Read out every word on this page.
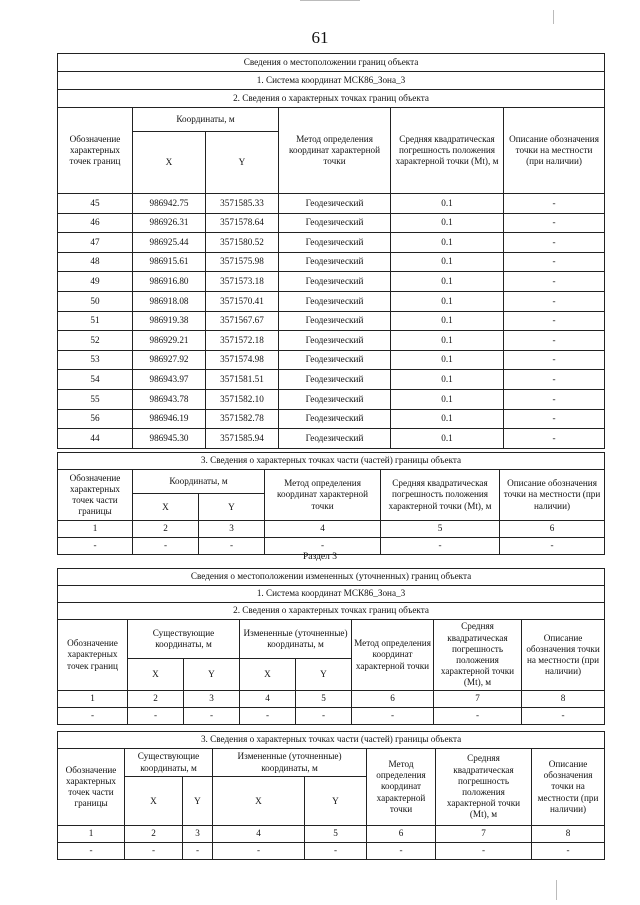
61
Сведения о местоположении границ объекта					
1. Система координат МСК86_Зона_3					
2. Сведения о характерных точках границ объекта					
Обозначение характерных точек границ	Координаты, м		Метод определения координат характерной точки	Средняя квадратическая погрешность положения характерной точки (Mt), м	Описание обозначения точки на местности (при наличии)
	X	Y			
45	986942.75	3571585.33	Геодезический	0.1	-
46	986926.31	3571578.64	Геодезический	0.1	-
47	986925.44	3571580.52	Геодезический	0.1	-
48	986915.61	3571575.98	Геодезический	0.1	-
49	986916.80	3571573.18	Геодезический	0.1	-
50	986918.08	3571570.41	Геодезический	0.1	-
51	986919.38	3571567.67	Геодезический	0.1	-
52	986929.21	3571572.18	Геодезический	0.1	-
53	986927.92	3571574.98	Геодезический	0.1	-
54	986943.97	3571581.51	Геодезический	0.1	-
55	986943.78	3571582.10	Геодезический	0.1	-
56	986946.19	3571582.78	Геодезический	0.1	-
44	986945.30	3571585.94	Геодезический	0.1	-
3. Сведения о характерных точках части (частей) границы объекта					
Обозначение характерных точек части границы	Координаты, м		Метод определения координат характерной точки	Средняя квадратическая погрешность положения характерной точки (Mt), м	Описание обозначения точки на местности (при наличии)
	X	Y			
1	2	3	4	5	6
-	-	-	-	-	-
Раздел 3
Сведения о местоположении измененных (уточненных) границ объекта							
1. Система координат МСК86_Зона_3							
2. Сведения о характерных точках границ объекта							
Обозначение характерных точек границ	Существующие координаты, м		Измененные (уточненные) координаты, м		Метод определения координат характерной точки	Средняя квадратическая погрешность положения характерной точки (Mt), м	Описание обозначения точки на местности (при наличии)
	X	Y	X	Y			
1	2	3	4	5	6	7	8
-	-	-	-	-	-	-	-
3. Сведения о характерных точках части (частей) границы объекта							
Обозначение характерных точек части границы	Существующие координаты, м		Измененные (уточненные) координаты, м		Метод определения координат характерной точки	Средняя квадратическая погрешность положения характерной точки (Mt), м	Описание обозначения точки на местности (при наличии)
	X	Y	X	Y			
1	2	3	4	5	6	7	8
-	-	-	-	-	-	-	-
